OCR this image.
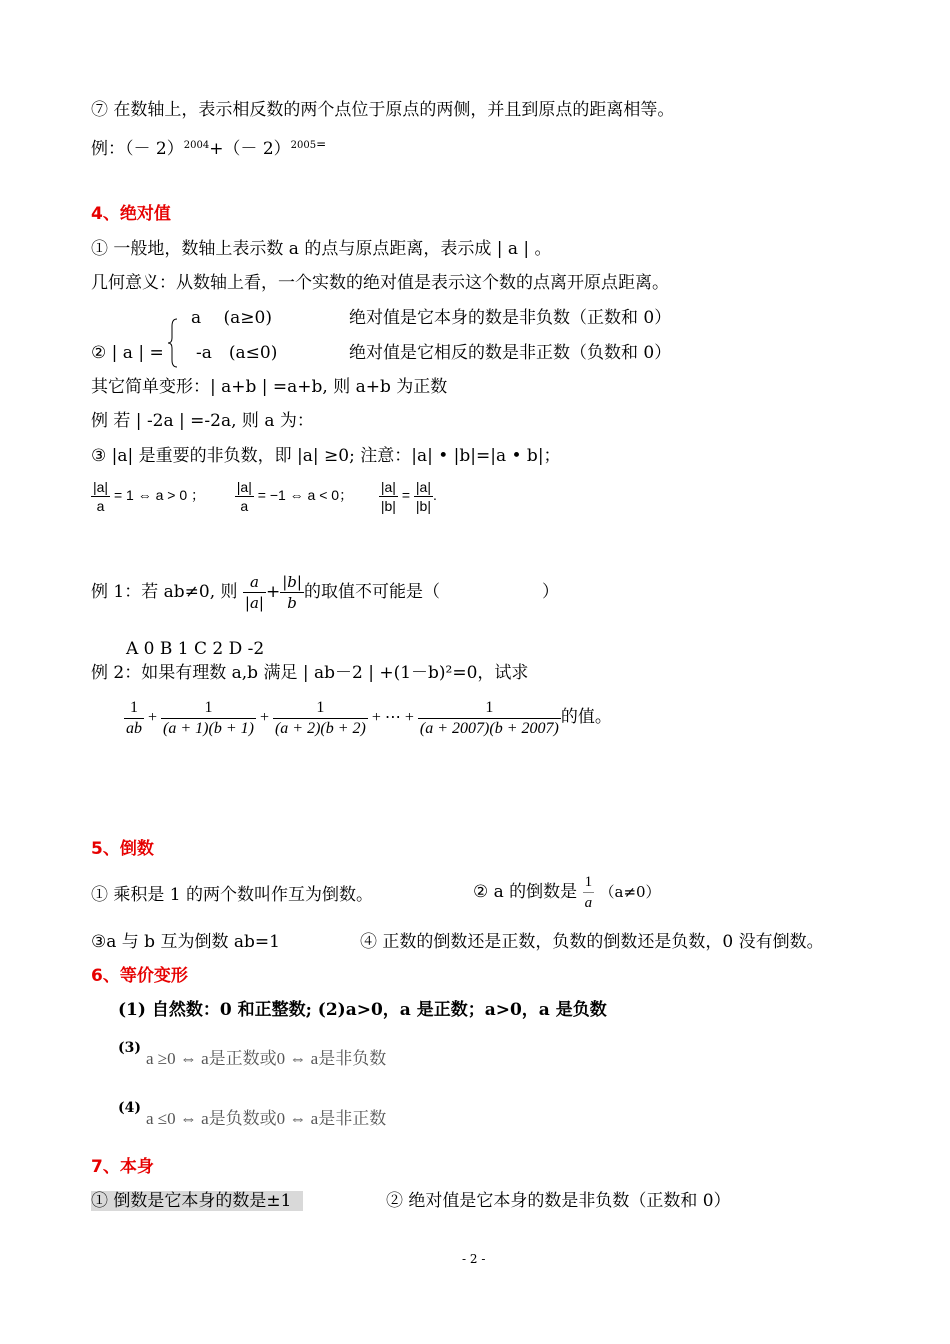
⑦ 在数轴上，表示相反数的两个点位于原点的两侧，并且到原点的距离相等。
例：（－ $2)^{2004}+(- 2)^{2005=}$
4、绝对值
① 一般地，数轴上表示数 a 的点与原点距离，表示成 | a | 。
几何意义：从数轴上看，一个实数的绝对值是表示这个数的点离开原点距离。
a　 (a≥0)	绝对值是它本身的数是非负数（正数和 0）
② | a | = -a　(a≤0)	绝对值是它相反的数是非正数（负数和 0）
其它简单变形：| a+b | =a+b, 则 a+b 为正数
例 若 | -2a | =-2a, 则 a 为：
③ |a| 是重要的非负数，即 |a| ≥0; 注意：|a| • |b|=|a • b|；
$\frac{|a|}{a} = 1$ ⇔ a > 0 ； $\frac{|a|}{a} = -1$ ⇔ a < 0； $\frac{|a|}{|b|} = \frac{|a|}{|b|}$ .
例 1：若 ab≠0, 则 $\frac{a}{|a|} + \frac{|b|}{b}$ 的取值不可能是（　　　　　　）
A 0 B 1 C 2 D -2
例 2：如果有理数 a,b 满足 | ab－2 | +(1－b)²=0，试求
$\frac{1}{ab} + \frac{1}{(a + 1)(b + 1)} + \frac{1}{(a + 2)(b + 2)}$ + ⋯ + $\frac{1}{(a + 2007)(b + 2007)}$ 的值。
5、倒数
① 乘积是 1 的两个数叫作互为倒数。	② a 的倒数是 $\frac{1}{a} (a\ne 0)$
③a 与 b 互为倒数 ab=1	④ 正数的倒数还是正数，负数的倒数还是负数，0 没有倒数。
6、等价变形
(1) 自然数：0 和正整数; (2)a>0，a 是正数；a>0，a 是负数
(3)
a ≥0 ⇔ a是正数或0 ⇔ a是非负数
(4)
a ≤0 ⇔ a是负数或0 ⇔ a是非正数
7、本身
① 倒数是它本身的数是±1	② 绝对值是它本身的数是非负数（正数和 0）
- 2 -
